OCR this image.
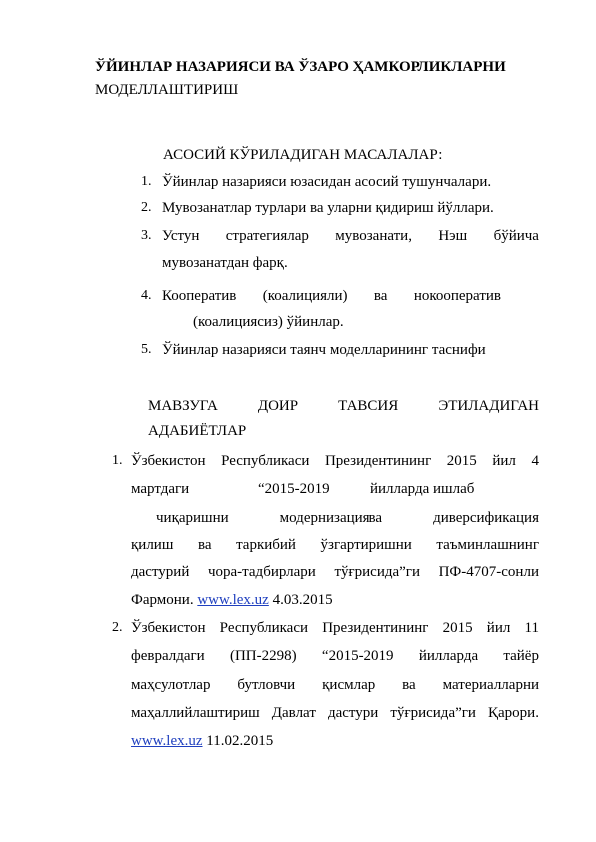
ЎЙИНЛАР НАЗАРИЯСИ ВА ЎЗАРО ҲАМКОРЛИКЛАРНИ
МОДЕЛЛАШТИРИШ
АСОСИЙ КЎРИЛАДИГАН МАСАЛАЛАР:
1. Ўйинлар назарияси юзасидан асосий тушунчалари.
2. Мувозанатлар турлари ва уларни қидириш йўллари.
3. Устун стратегиялар мувозанати, Нэш бўйича
мувозанатдан фарқ.
4. Кооператив (коалицияли) ва нокооператив
(коалициясиз) ўйинлар.
5. Ўйинлар назарияси таянч моделларининг таснифи
МАВЗУГА	ДОИР	ТАВСИЯ	ЭТИЛАДИГАН
АДАБИЁТЛАР
1. Ўзбекистон Республикаси Президентининг 2015 йил 4
мартдаги	“2015-2019	йилларда ишлаб
чиқаришни	модернизация
ва	диверсификация
қилиш ва таркибий ўзгартиришни таъминлашнинг
дастурий чора-тадбирлари тўғрисида”ги ПФ-4707-сонли
Фармони. www.lex.uz 4.03.2015
2. Ўзбекистон Республикаси Президентининг 2015 йил 11
февралдаги (ПП-2298) “2015-2019 йилларда тайёр
маҳсулотлар бутловчи қисмлар ва материалларни
маҳаллийлаштириш Давлат дастури тўғрисида”ги Қарори.
www.lex.uz 11.02.2015
